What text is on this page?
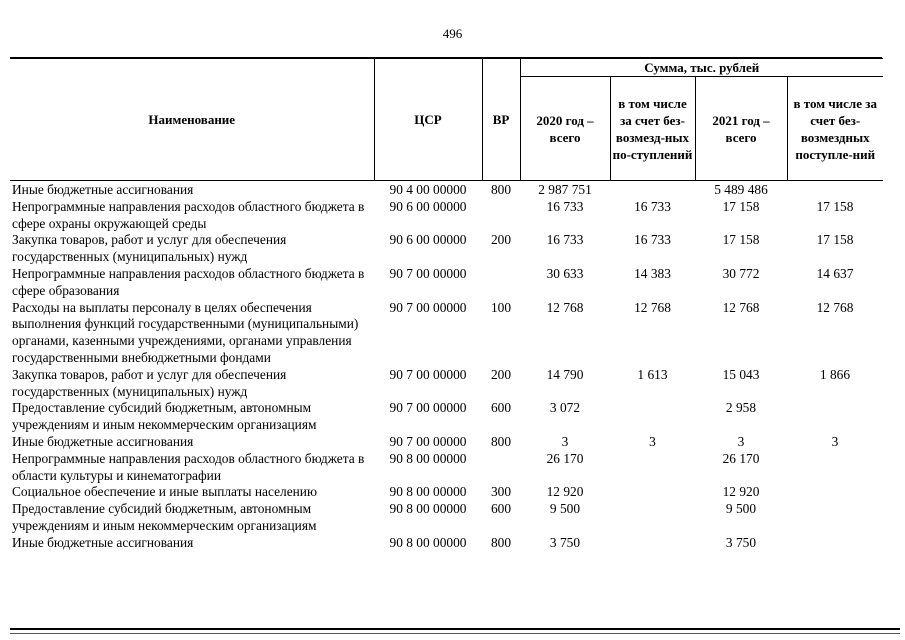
496
Наименование	ЦСР	ВР	Сумма, тыс. рублей			
			2020 год – всего	в том числе за счет без-возмезд-ных по-ступлений	2021 год – всего	в том числе за счет без-возмездных поступле-ний
Иные бюджетные ассигнования	90 4 00 00000	800	2 987 751		5 489 486	
Непрограммные направления расходов областного бюджета в сфере охраны окружающей среды	90 6 00 00000		16 733	16 733	17 158	17 158
Закупка товаров, работ и услуг для обеспечения государственных (муниципальных) нужд	90 6 00 00000	200	16 733	16 733	17 158	17 158
Непрограммные направления расходов областного бюджета в сфере образования	90 7 00 00000		30 633	14 383	30 772	14 637
Расходы на выплаты персоналу в целях обеспечения выполнения функций государственными (муниципальными) органами, казенными учреждениями, органами управления государственными внебюджетными фондами	90 7 00 00000	100	12 768	12 768	12 768	12 768
Закупка товаров, работ и услуг для обеспечения государственных (муниципальных) нужд	90 7 00 00000	200	14 790	1 613	15 043	1 866
Предоставление субсидий бюджетным, автономным учреждениям и иным некоммерческим организациям	90 7 00 00000	600	3 072		2 958	
Иные бюджетные ассигнования	90 7 00 00000	800	3	3	3	3
Непрограммные направления расходов областного бюджета в области культуры и кинематографии	90 8 00 00000		26 170		26 170	
Социальное обеспечение и иные выплаты населению	90 8 00 00000	300	12 920		12 920	
Предоставление субсидий бюджетным, автономным учреждениям и иным некоммерческим организациям	90 8 00 00000	600	9 500		9 500	
Иные бюджетные ассигнования	90 8 00 00000	800	3 750		3 750	
